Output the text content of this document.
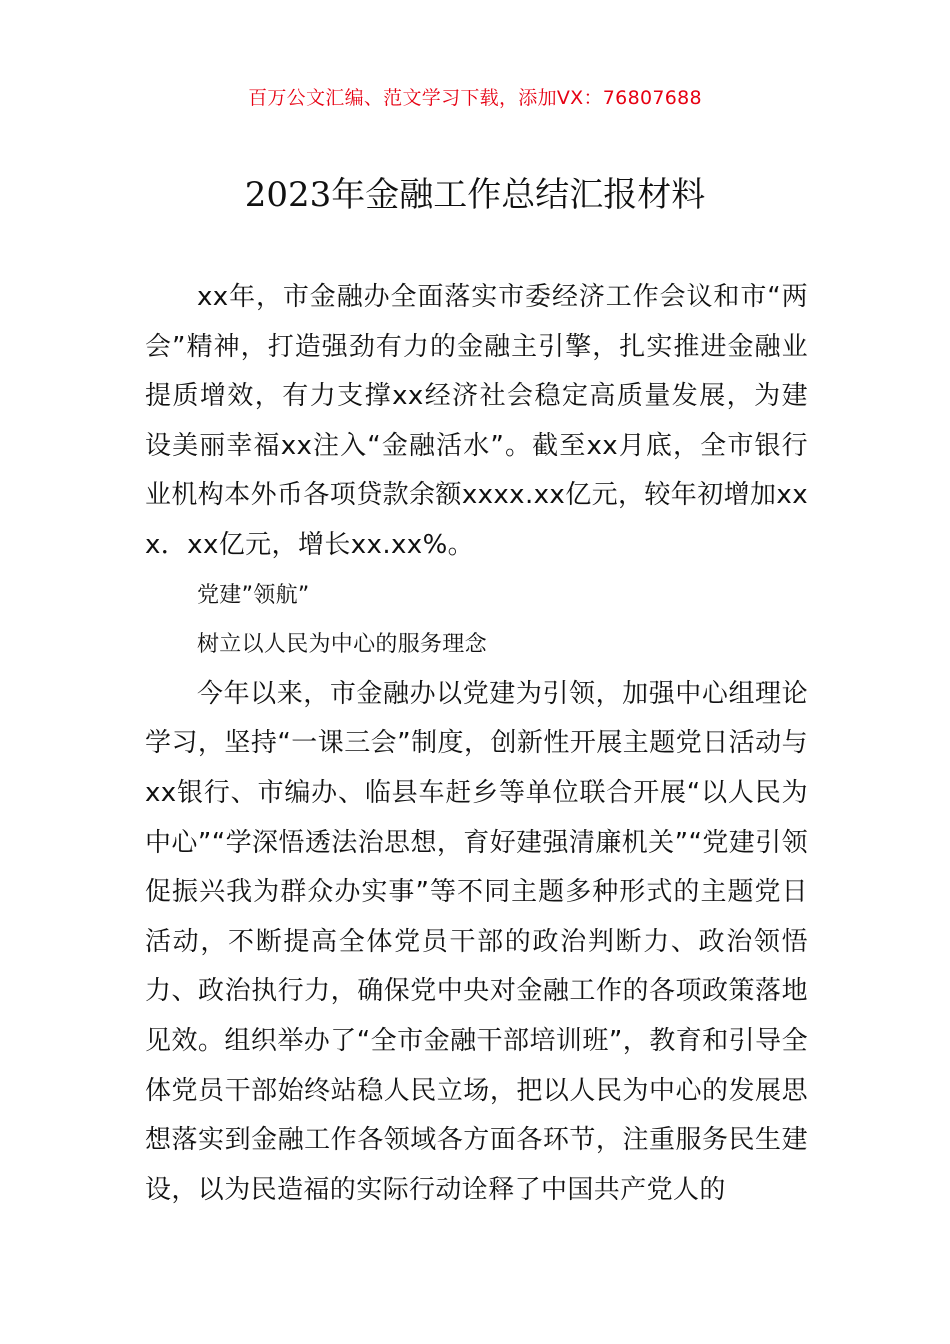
百万公文汇编、范文学习下载，添加VX：76807688
2023年金融工作总结汇报材料

xx年，市金融办全面落实市委经济工作会议和市“两会”精神，打造强劲有力的金融主引擎，扎实推进金融业提质增效，有力支撑xx经济社会稳定高质量发展，为建设美丽幸福xx注入“金融活水”。截至xx月底，全市银行业机构本外币各项贷款余额xxxx.xx亿元，较年初增加xxx．xx亿元，增长xx.xx%。

党建”领航”

树立以人民为中心的服务理念

今年以来，市金融办以党建为引领，加强中心组理论学习，坚持“一课三会”制度，创新性开展主题党日活动与xx银行、市编办、临县车赶乡等单位联合开展“以人民为中心”“学深悟透法治思想，育好建强清廉机关”“党建引领促振兴我为群众办实事”等不同主题多种形式的主题党日活动，不断提高全体党员干部的政治判断力、政治领悟力、政治执行力，确保党中央对金融工作的各项政策落地见效。组织举办了“全市金融干部培训班”，教育和引导全体党员干部始终站稳人民立场，把以人民为中心的发展思想落实到金融工作各领域各方面各环节，注重服务民生建设，以为民造福的实际行动诠释了中国共产党人的
